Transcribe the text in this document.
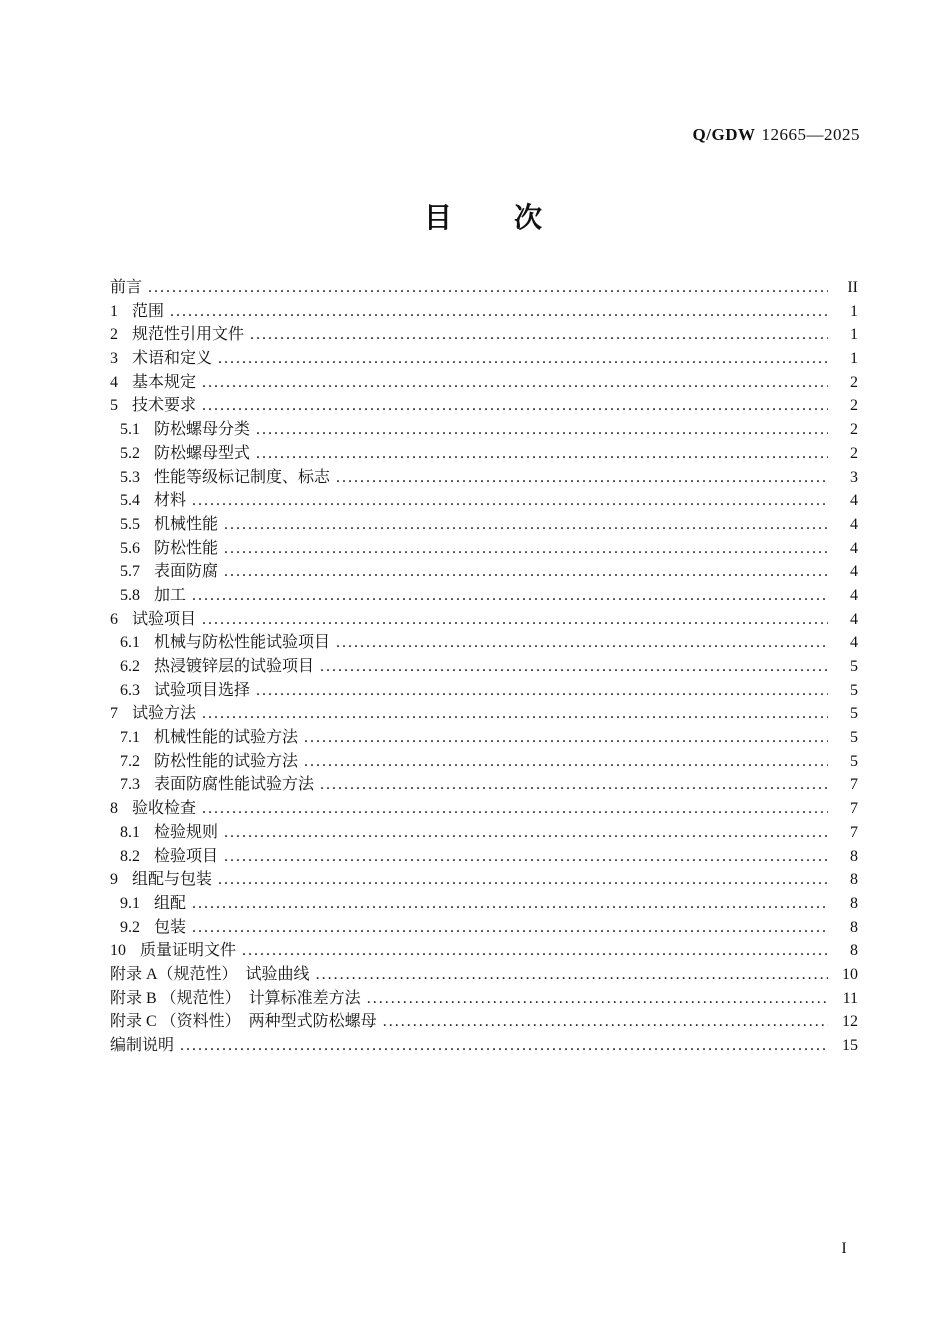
Q/GDW 12665—2025
目　　次
前言 . . .	II
1 范围 . . .	1
2 规范性引用文件 . . .	1
3 术语和定义 . . .	1
4 基本规定 . . .	2
5 技术要求 . . .	2
5.1 防松螺母分类 . . .	2
5.2 防松螺母型式 . . .	2
5.3 性能等级标记制度、标志 . . .	3
5.4 材料 . . .	4
5.5 机械性能 . . .	4
5.6 防松性能 . . .	4
5.7 表面防腐 . . .	4
5.8 加工 . . .	4
6 试验项目 . . .	4
6.1 机械与防松性能试验项目 . . .	4
6.2 热浸镀锌层的试验项目 . . .	5
6.3 试验项目选择 . . .	5
7 试验方法 . . .	5
7.1 机械性能的试验方法 . . .	5
7.2 防松性能的试验方法 . . .	5
7.3 表面防腐性能试验方法 . . .	7
8 验收检查 . . .	7
8.1 检验规则 . . .	7
8.2 检验项目 . . .	8
9 组配与包装 . . .	8
9.1 组配 . . .	8
9.2 包装 . . .	8
10 质量证明文件 . . .	8
附录 A（规范性）　试验曲线 . . .	10
附录 B （规范性）　计算标准差方法 . . .	11
附录 C （资料性）　两种型式防松螺母 . . .	12
编制说明 . . .	15
I
